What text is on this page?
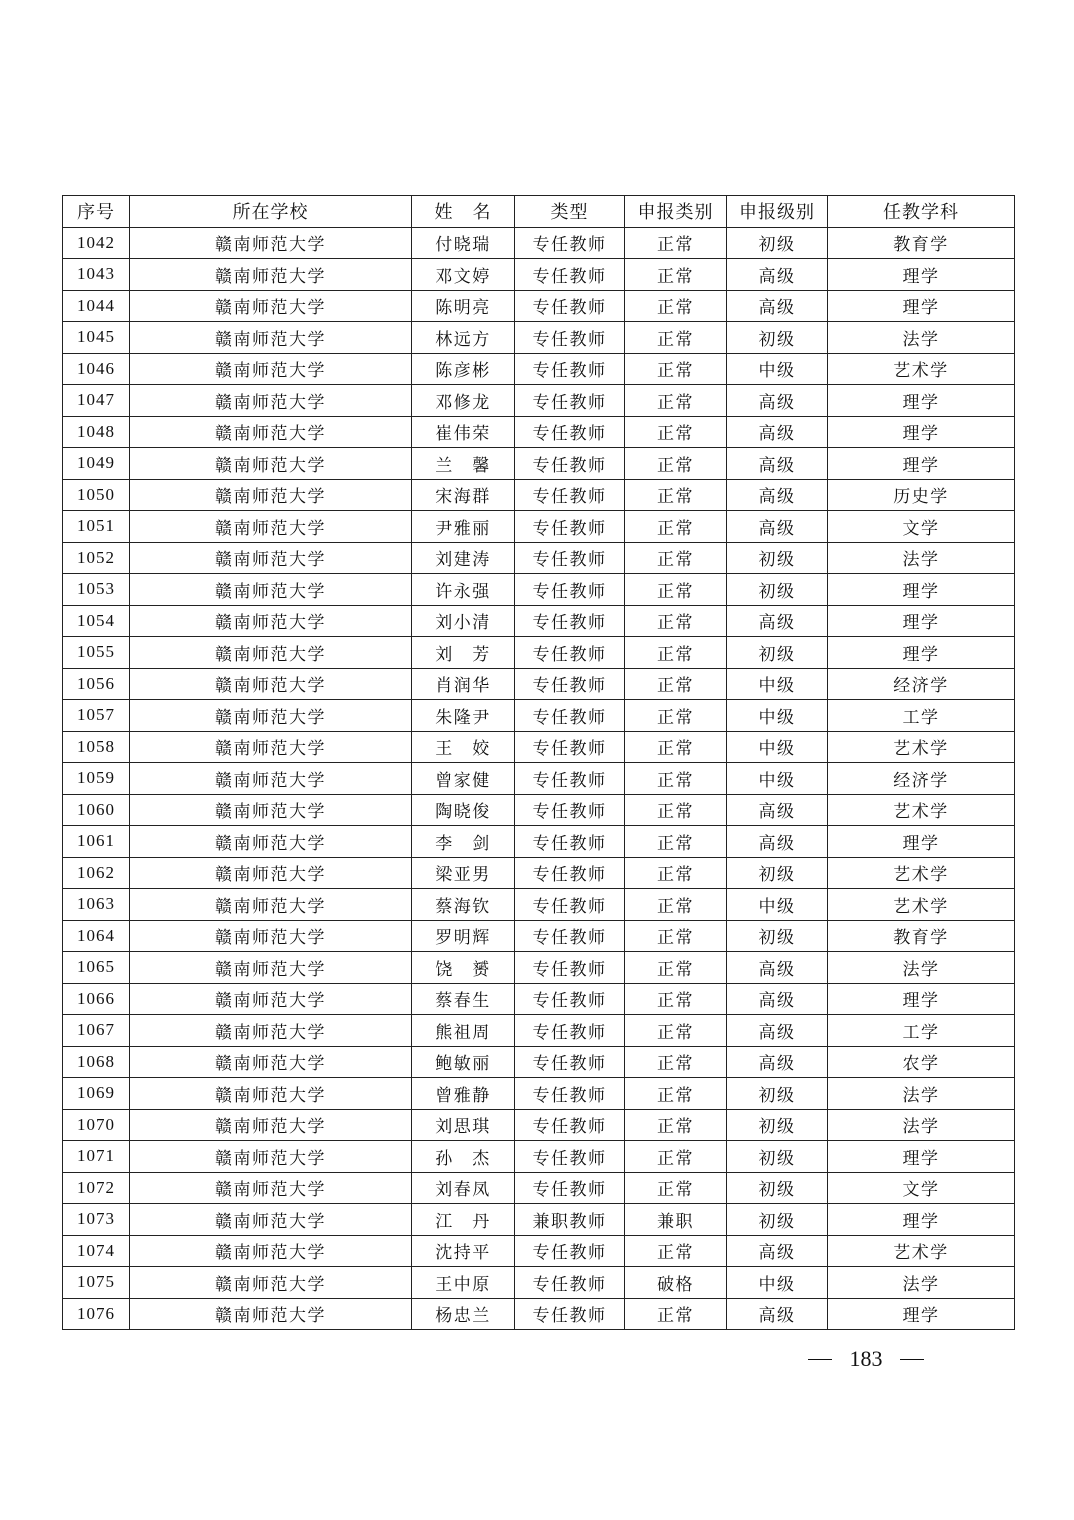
序号	所在学校	姓　名	类型	申报类别	申报级别	任教学科
1042	赣南师范大学	付晓瑞	专任教师	正常	初级	教育学
1043	赣南师范大学	邓文婷	专任教师	正常	高级	理学
1044	赣南师范大学	陈明亮	专任教师	正常	高级	理学
1045	赣南师范大学	林远方	专任教师	正常	初级	法学
1046	赣南师范大学	陈彦彬	专任教师	正常	中级	艺术学
1047	赣南师范大学	邓修龙	专任教师	正常	高级	理学
1048	赣南师范大学	崔伟荣	专任教师	正常	高级	理学
1049	赣南师范大学	兰　馨	专任教师	正常	高级	理学
1050	赣南师范大学	宋海群	专任教师	正常	高级	历史学
1051	赣南师范大学	尹雅丽	专任教师	正常	高级	文学
1052	赣南师范大学	刘建涛	专任教师	正常	初级	法学
1053	赣南师范大学	许永强	专任教师	正常	初级	理学
1054	赣南师范大学	刘小清	专任教师	正常	高级	理学
1055	赣南师范大学	刘　芳	专任教师	正常	初级	理学
1056	赣南师范大学	肖润华	专任教师	正常	中级	经济学
1057	赣南师范大学	朱隆尹	专任教师	正常	中级	工学
1058	赣南师范大学	王　姣	专任教师	正常	中级	艺术学
1059	赣南师范大学	曾家健	专任教师	正常	中级	经济学
1060	赣南师范大学	陶晓俊	专任教师	正常	高级	艺术学
1061	赣南师范大学	李　剑	专任教师	正常	高级	理学
1062	赣南师范大学	梁亚男	专任教师	正常	初级	艺术学
1063	赣南师范大学	蔡海钦	专任教师	正常	中级	艺术学
1064	赣南师范大学	罗明辉	专任教师	正常	初级	教育学
1065	赣南师范大学	饶　赟	专任教师	正常	高级	法学
1066	赣南师范大学	蔡春生	专任教师	正常	高级	理学
1067	赣南师范大学	熊祖周	专任教师	正常	高级	工学
1068	赣南师范大学	鲍敏丽	专任教师	正常	高级	农学
1069	赣南师范大学	曾雅静	专任教师	正常	初级	法学
1070	赣南师范大学	刘思琪	专任教师	正常	初级	法学
1071	赣南师范大学	孙　杰	专任教师	正常	初级	理学
1072	赣南师范大学	刘春凤	专任教师	正常	初级	文学
1073	赣南师范大学	江　丹	兼职教师	兼职	初级	理学
1074	赣南师范大学	沈持平	专任教师	正常	高级	艺术学
1075	赣南师范大学	王中原	专任教师	破格	中级	法学
1076	赣南师范大学	杨忠兰	专任教师	正常	高级	理学
183
